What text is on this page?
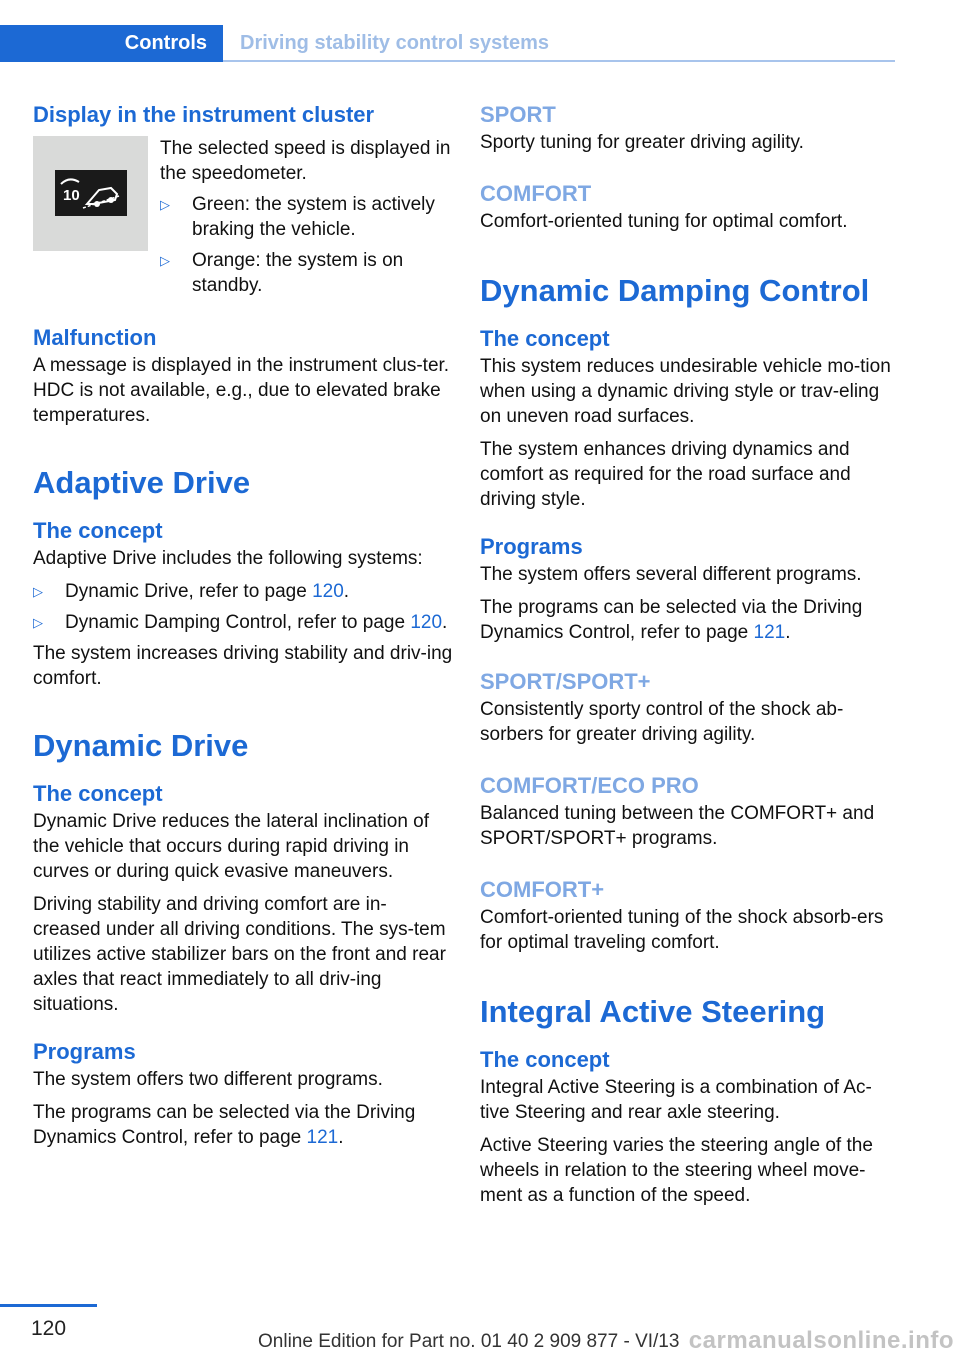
Controls Driving stability control systems
Display in the instrument cluster
10

The selected speed is displayed in the speedometer.

▷	Green: the system is actively braking the vehicle.
▷	Orange: the system is on standby.
Malfunction

A message is displayed in the instrument clus‐ter. HDC is not available, e.g., due to elevated brake temperatures.

Adaptive Drive
The concept

Adaptive Drive includes the following systems:

▷	Dynamic Drive, refer to page 120.
▷	Dynamic Damping Control, refer to page 120.

The system increases driving stability and driv‐ing comfort.

Dynamic Drive
The concept

Dynamic Drive reduces the lateral inclination of the vehicle that occurs during rapid driving in curves or during quick evasive maneuvers.

Driving stability and driving comfort are in‐creased under all driving conditions. The sys‐tem utilizes active stabilizer bars on the front and rear axles that react immediately to all driv‐ing situations.

Programs

The system offers two different programs.

The programs can be selected via the Driving Dynamics Control, refer to page 121.

SPORT

Sporty tuning for greater driving agility.

COMFORT

Comfort-oriented tuning for optimal comfort.

Dynamic Damping Control
The concept

This system reduces undesirable vehicle mo‐tion when using a dynamic driving style or trav‐eling on uneven road surfaces.

The system enhances driving dynamics and comfort as required for the road surface and driving style.

Programs

The system offers several different programs.

The programs can be selected via the Driving Dynamics Control, refer to page 121.

SPORT/SPORT+

Consistently sporty control of the shock ab‐sorbers for greater driving agility.

COMFORT/ECO PRO

Balanced tuning between the COMFORT+ and SPORT/SPORT+ programs.

COMFORT+

Comfort-oriented tuning of the shock absorb‐ers for optimal traveling comfort.

Integral Active Steering
The concept

Integral Active Steering is a combination of Ac‐tive Steering and rear axle steering.

Active Steering varies the steering angle of the wheels in relation to the steering wheel move‐ment as a function of the speed.

120
Online Edition for Part no. 01 40 2 909 877 - VI/13 carmanualsonline.info
